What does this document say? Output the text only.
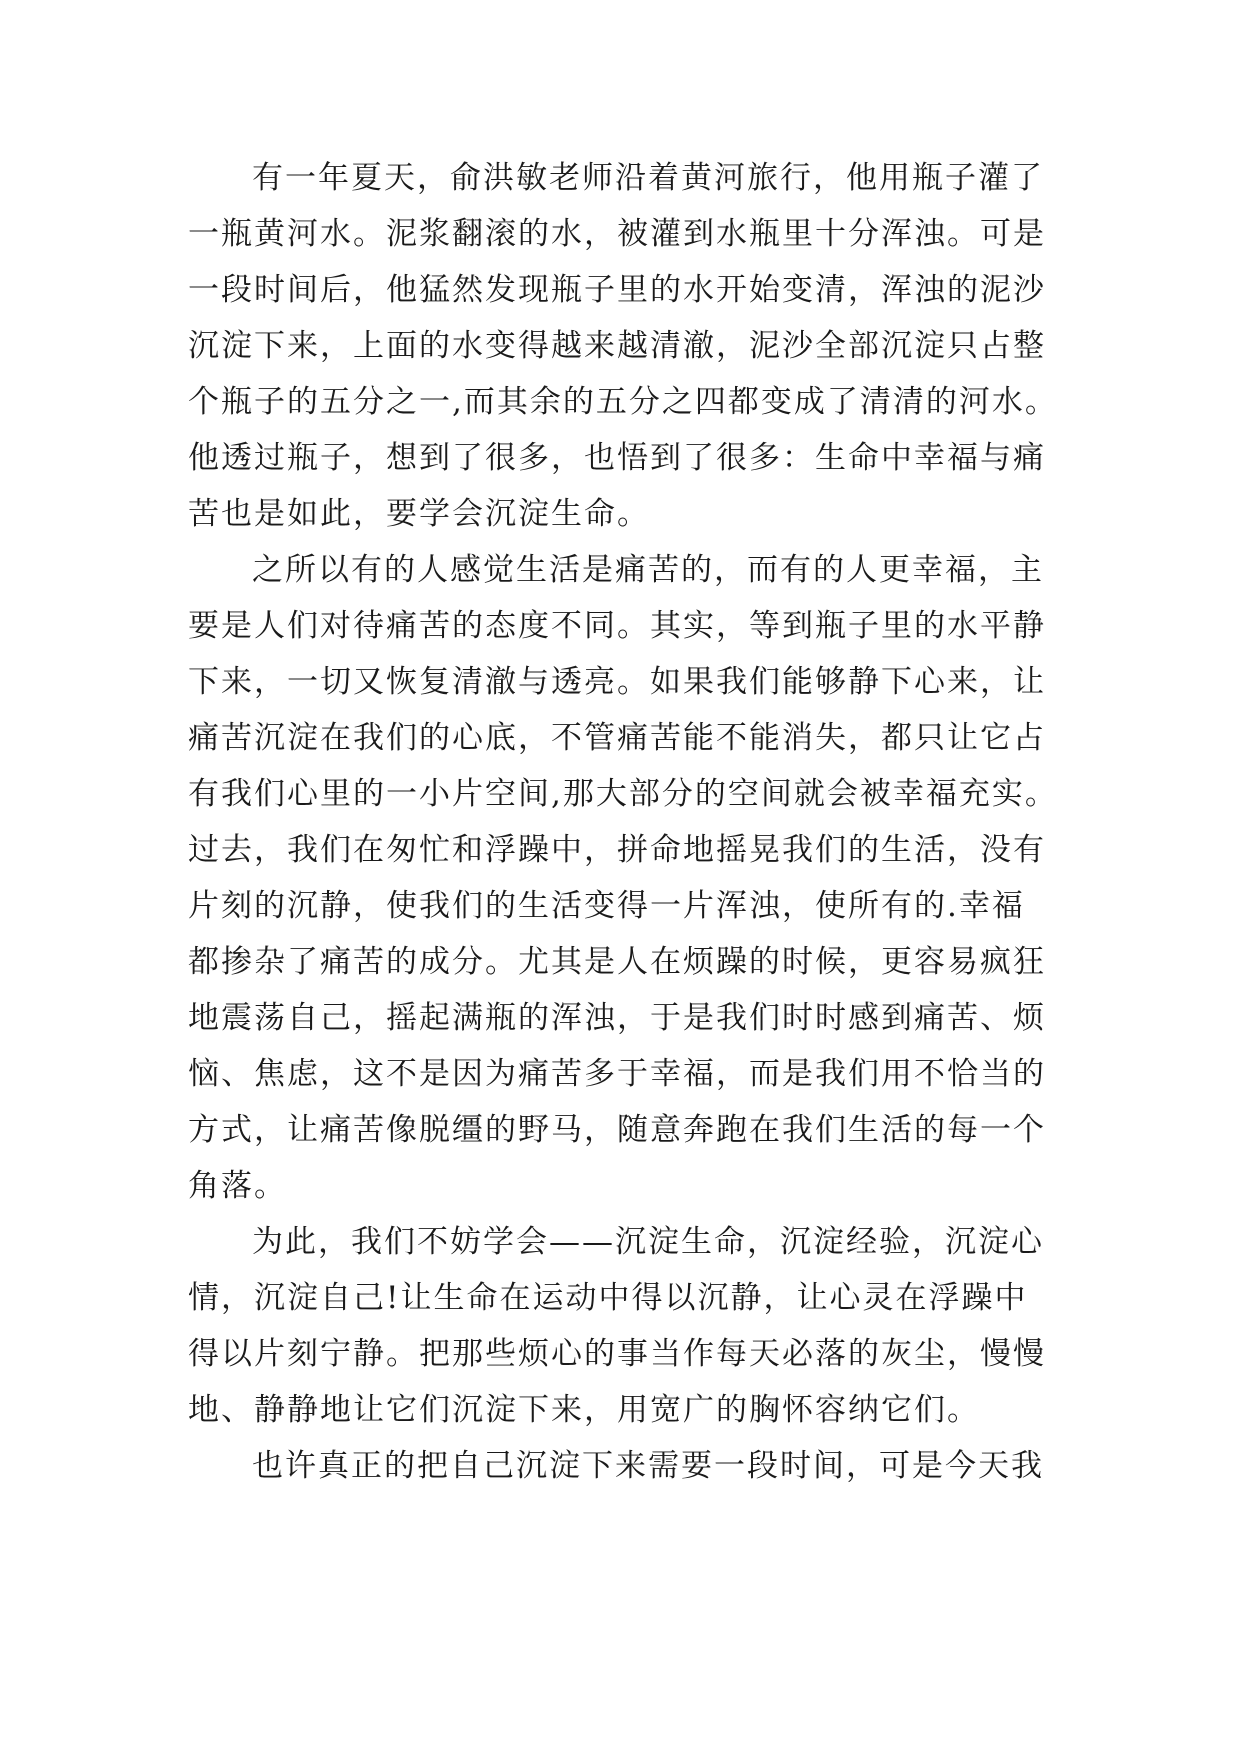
有一年夏天，俞洪敏老师沿着黄河旅行，他用瓶子灌了
一瓶黄河水。泥浆翻滚的水，被灌到水瓶里十分浑浊。可是
一段时间后，他猛然发现瓶子里的水开始变清，浑浊的泥沙
沉淀下来，上面的水变得越来越清澈，泥沙全部沉淀只占整
个瓶子的五分之一,而其余的五分之四都变成了清清的河水。
他透过瓶子，想到了很多，也悟到了很多：生命中幸福与痛
苦也是如此，要学会沉淀生命。
之所以有的人感觉生活是痛苦的，而有的人更幸福，主
要是人们对待痛苦的态度不同。其实，等到瓶子里的水平静
下来，一切又恢复清澈与透亮。如果我们能够静下心来，让
痛苦沉淀在我们的心底，不管痛苦能不能消失，都只让它占
有我们心里的一小片空间,那大部分的空间就会被幸福充实。
过去，我们在匆忙和浮躁中，拼命地摇晃我们的生活，没有
片刻的沉静，使我们的生活变得一片浑浊，使所有的.幸福
都掺杂了痛苦的成分。尤其是人在烦躁的时候，更容易疯狂
地震荡自己，摇起满瓶的浑浊，于是我们时时感到痛苦、烦
恼、焦虑，这不是因为痛苦多于幸福，而是我们用不恰当的
方式，让痛苦像脱缰的野马，随意奔跑在我们生活的每一个
角落。
为此，我们不妨学会——沉淀生命，沉淀经验，沉淀心
情，沉淀自己!让生命在运动中得以沉静，让心灵在浮躁中
得以片刻宁静。把那些烦心的事当作每天必落的灰尘，慢慢
地、静静地让它们沉淀下来，用宽广的胸怀容纳它们。
也许真正的把自己沉淀下来需要一段时间，可是今天我
